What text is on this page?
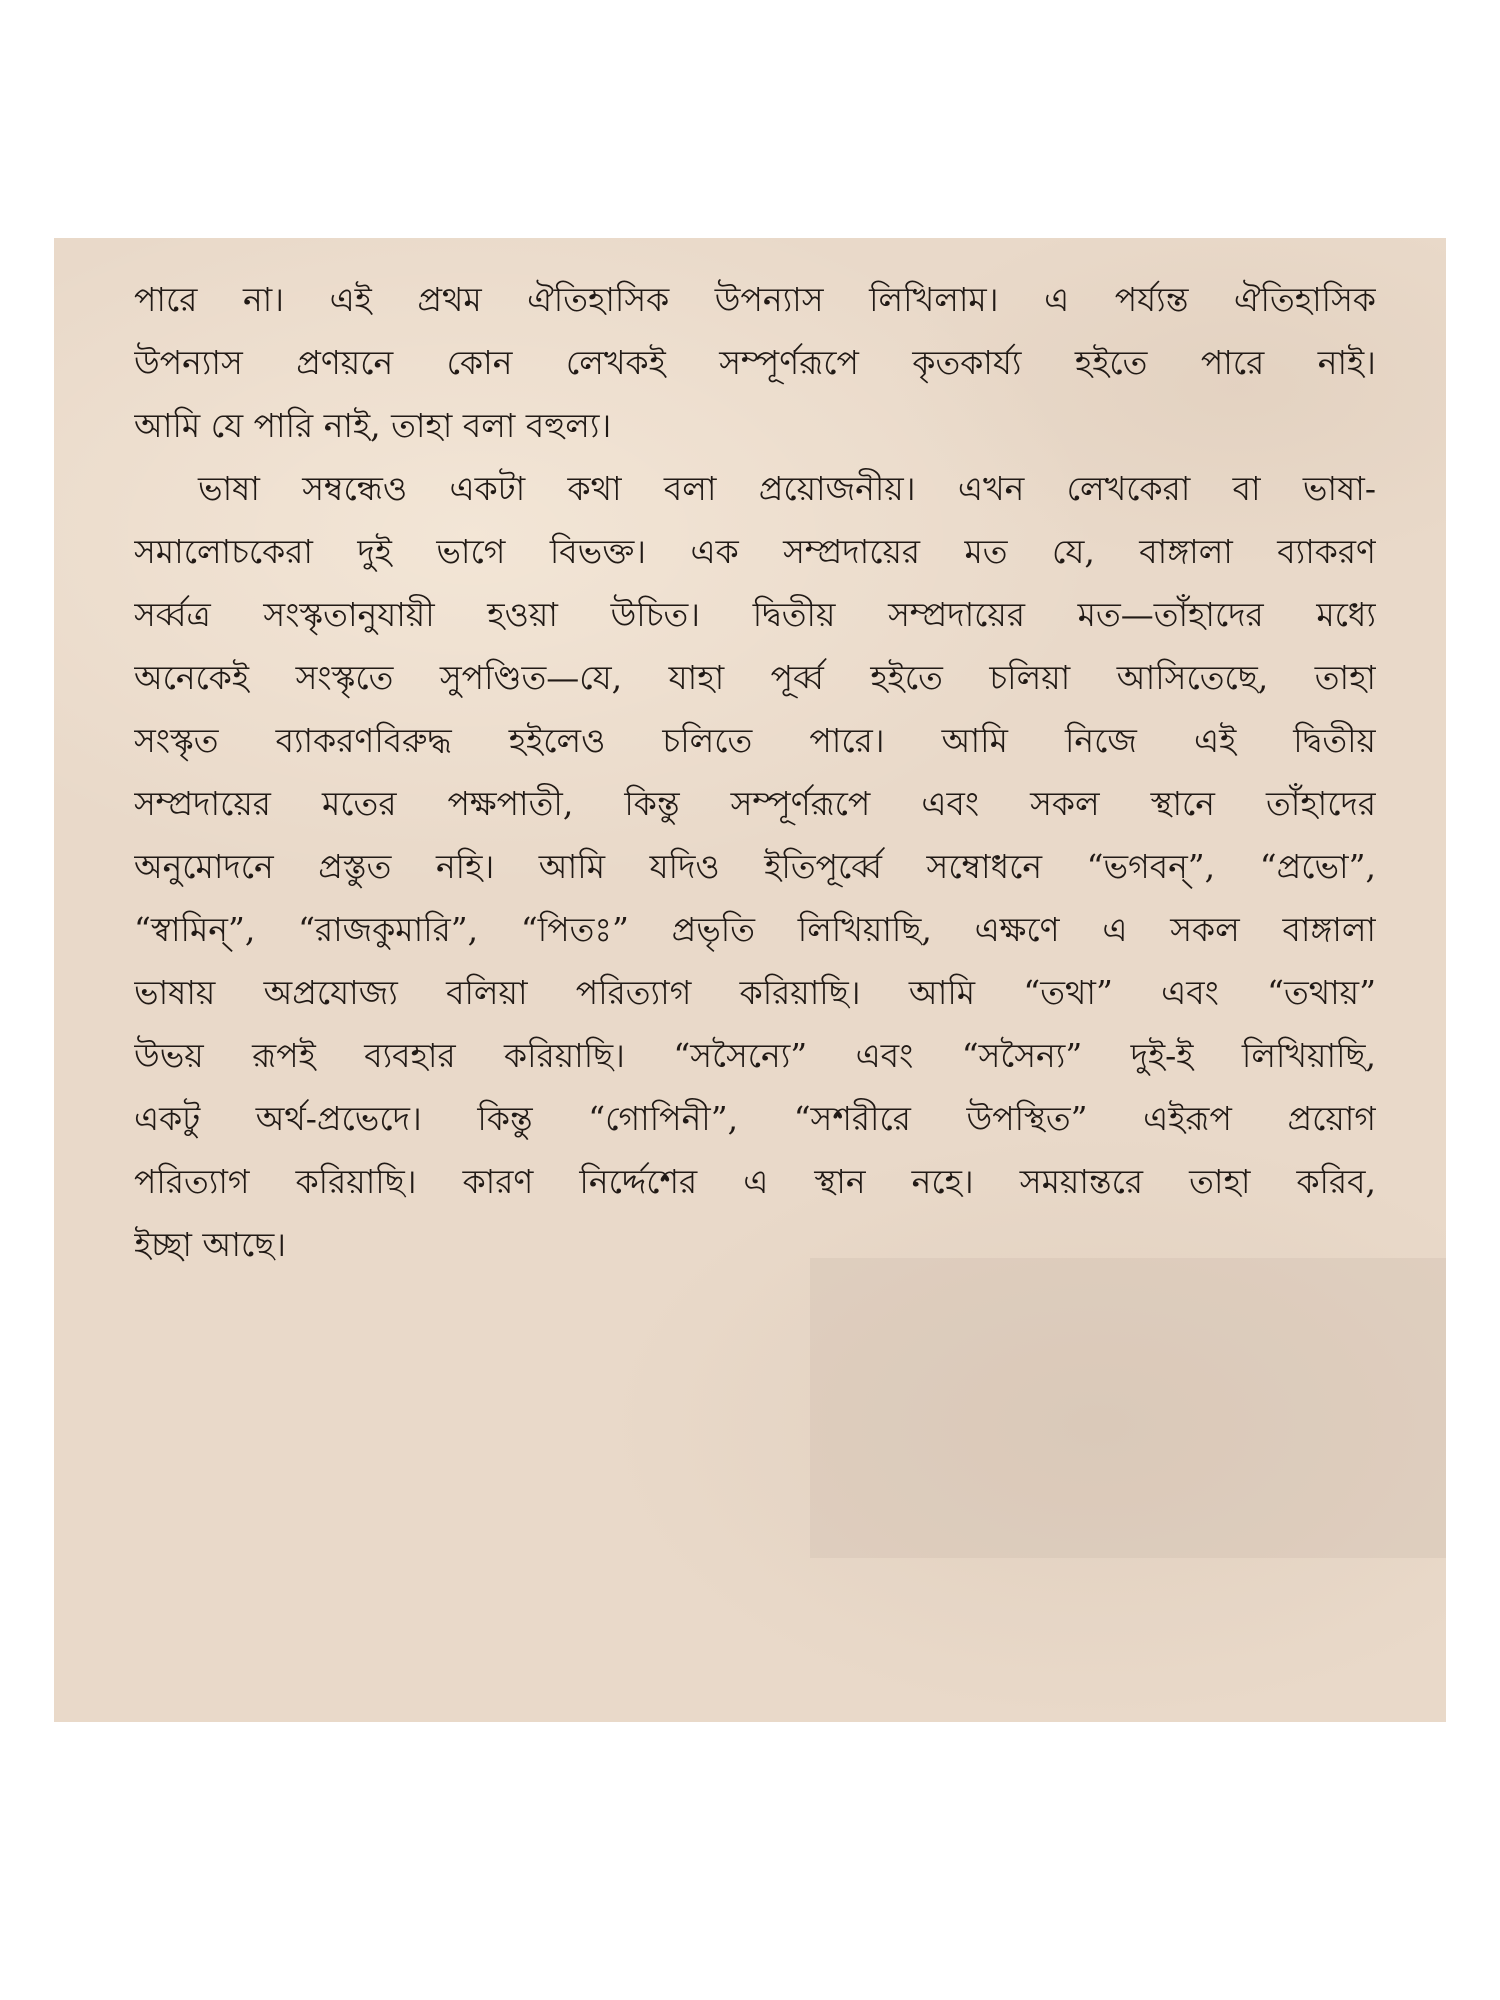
পারে না। এই প্রথম ঐতিহাসিক উপন্যাস লিখিলাম। এ পর্য্যন্ত ঐতিহাসিক
উপন্যাস প্রণয়নে কোন লেখকই সম্পূর্ণরূপে কৃতকার্য্য হইতে পারে নাই।
আমি যে পারি নাই, তাহা বলা বহুল্য।
ভাষা সম্বন্ধেও একটা কথা বলা প্রয়োজনীয়। এখন লেখকেরা বা ভাষা-
সমালোচকেরা দুই ভাগে বিভক্ত। এক সম্প্রদায়ের মত যে, বাঙ্গালা ব্যাকরণ
সর্ব্বত্র সংস্কৃতানুযায়ী হওয়া উচিত। দ্বিতীয় সম্প্রদায়ের মত—তাঁহাদের মধ্যে
অনেকেই সংস্কৃতে সুপণ্ডিত—যে, যাহা পূর্ব্ব হইতে চলিয়া আসিতেছে, তাহা
সংস্কৃত ব্যাকরণবিরুদ্ধ হইলেও চলিতে পারে। আমি নিজে এই দ্বিতীয়
সম্প্রদায়ের মতের পক্ষপাতী, কিন্তু সম্পূর্ণরূপে এবং সকল স্থানে তাঁহাদের
অনুমোদনে প্রস্তুত নহি। আমি যদিও ইতিপূর্ব্বে সম্বোধনে “ভগবন্”, “প্রভো”,
“স্বামিন্”, “রাজকুমারি”, “পিতঃ” প্রভৃতি লিখিয়াছি, এক্ষণে এ সকল বাঙ্গালা
ভাষায় অপ্রযোজ্য বলিয়া পরিত্যাগ করিয়াছি। আমি “তথা” এবং “তথায়”
উভয় রূপই ব্যবহার করিয়াছি। “সসৈন্যে” এবং “সসৈন্য” দুই-ই লিখিয়াছি,
একটু অর্থ-প্রভেদে। কিন্তু “গোপিনী”, “সশরীরে উপস্থিত” এইরূপ প্রয়োগ
পরিত্যাগ করিয়াছি। কারণ নির্দ্দেশের এ স্থান নহে। সময়ান্তরে তাহা করিব,
ইচ্ছা আছে।
